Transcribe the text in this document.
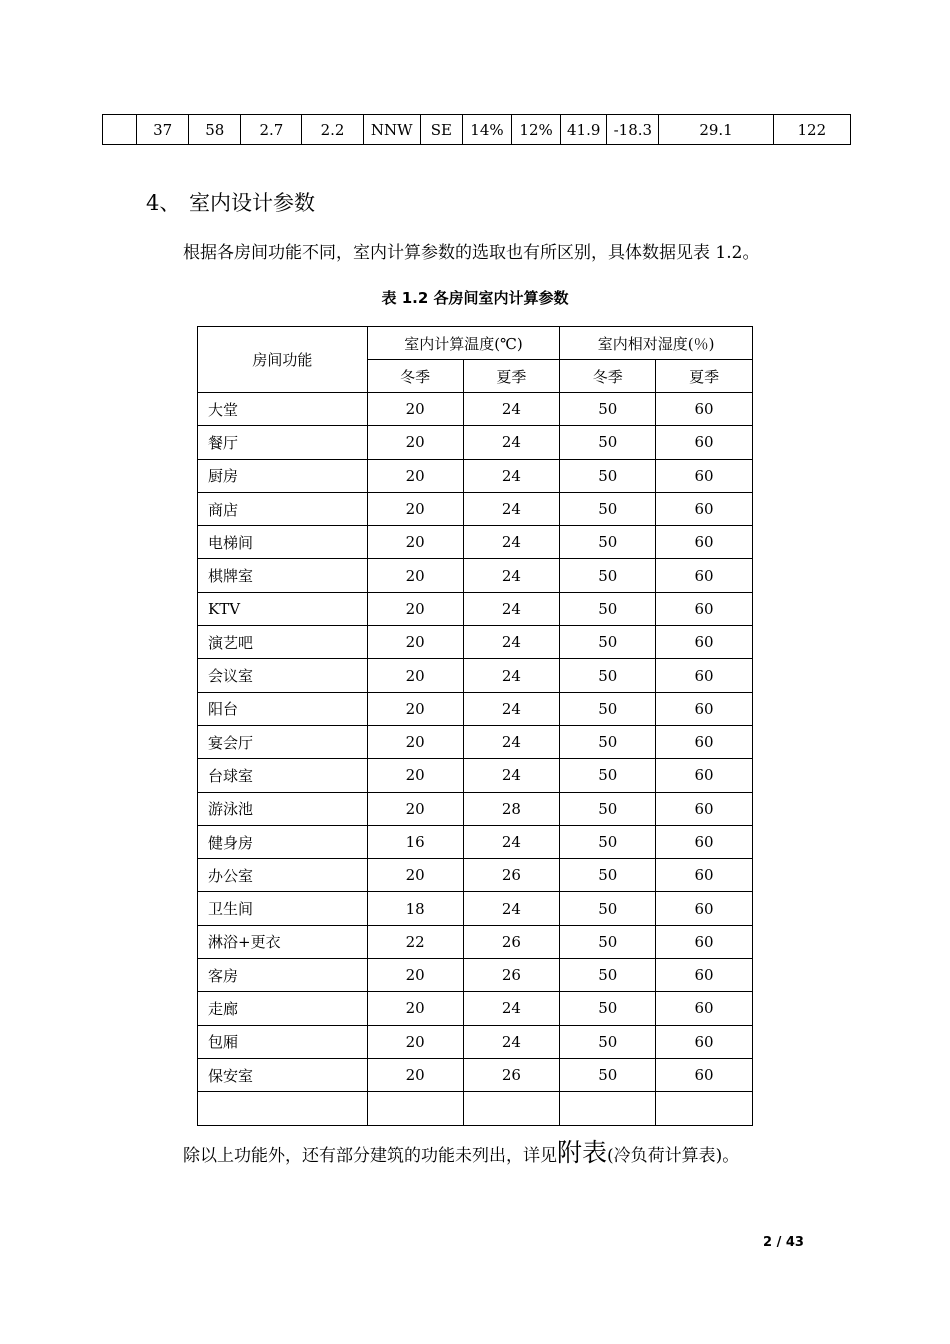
	37	58	2.7	2.2	NNW	SE	14%	12%	41.9	-18.3	29.1	122
4、 室内设计参数
根据各房间功能不同，室内计算参数的选取也有所区别，具体数据见表 1.2。
表 1.2 各房间室内计算参数
房间功能	室内计算温度(℃)		室内相对湿度(％)	
	冬季	夏季	冬季	夏季
大堂	20	24	50	60
餐厅	20	24	50	60
厨房	20	24	50	60
商店	20	24	50	60
电梯间	20	24	50	60
棋牌室	20	24	50	60
KTV	20	24	50	60
演艺吧	20	24	50	60
会议室	20	24	50	60
阳台	20	24	50	60
宴会厅	20	24	50	60
台球室	20	24	50	60
游泳池	20	28	50	60
健身房	16	24	50	60
办公室	20	26	50	60
卫生间	18	24	50	60
淋浴+更衣	22	26	50	60
客房	20	26	50	60
走廊	20	24	50	60
包厢	20	24	50	60
保安室	20	26	50	60

除以上功能外，还有部分建筑的功能未列出，详见附表(冷负荷计算表)。
2 / 43
